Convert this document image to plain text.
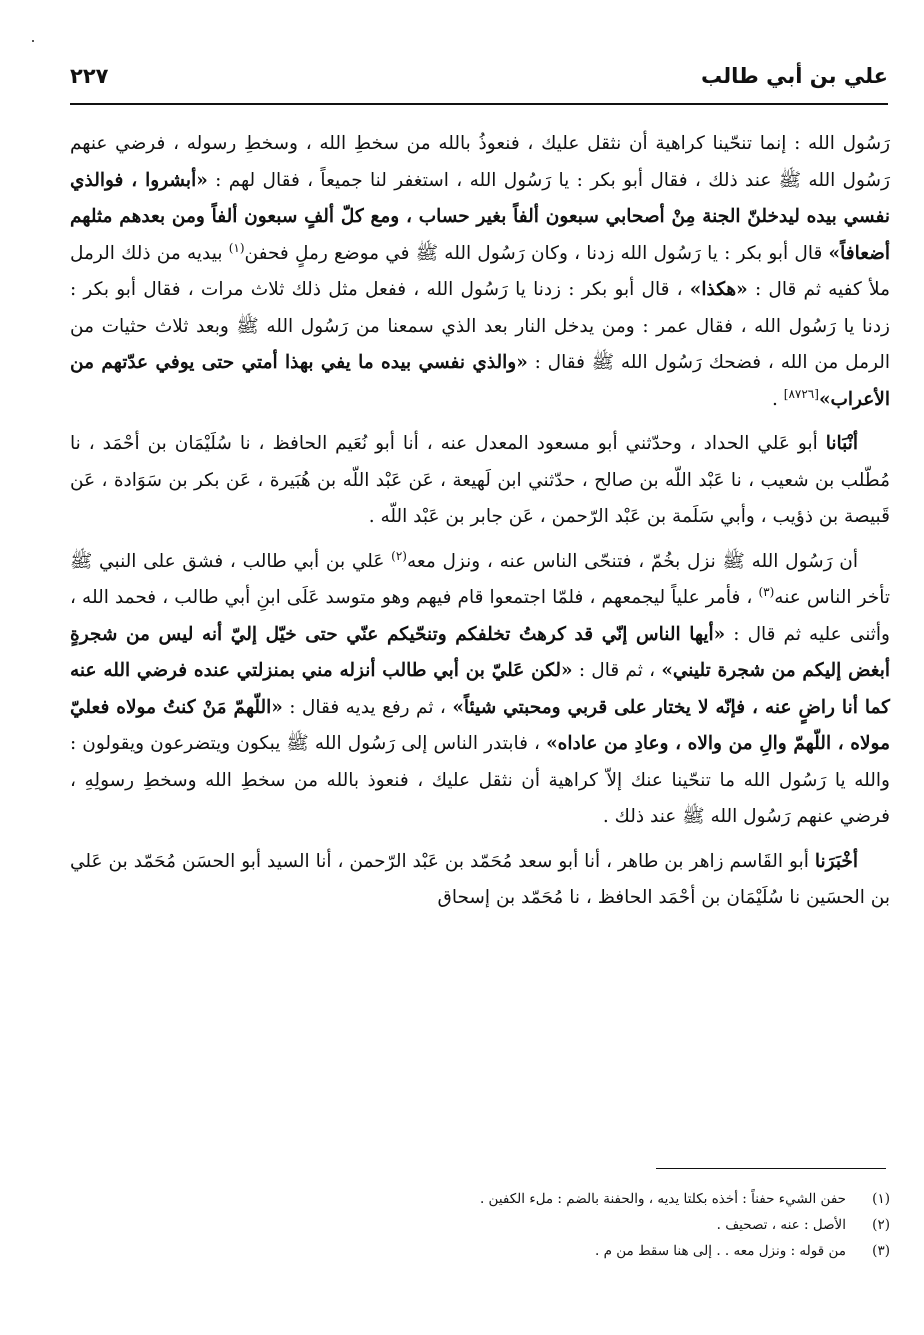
علي بن أبي طالب
٢٢٧

رَسُول الله : إنما تنحّينا كراهية أن نثقل عليك ، فنعوذُ بالله من سخطِ الله ، وسخطِ رسوله ، فرضي عنهم رَسُول الله ﷺ عند ذلك ، فقال أبو بكر : يا رَسُول الله ، استغفر لنا جميعاً ، فقال لهم : «أبشروا ، فوالذي نفسي بيده ليدخلنّ الجنة مِنْ أصحابي سبعون ألفاً بغير حساب ، ومع كلّ ألفٍ سبعون ألفاً ومن بعدهم مثلهم أضعافاً» قال أبو بكر : يا رَسُول الله زدنا ، وكان رَسُول الله ﷺ في موضع رملٍ فحفن$^{(١)}$ بيديه من ذلك الرمل ملأ كفيه ثم قال : «هكذا» ، قال أبو بكر : زدنا يا رَسُول الله ، ففعل مثل ذلك ثلاث مرات ، فقال أبو بكر : زدنا يا رَسُول الله ، فقال عمر : ومن يدخل النار بعد الذي سمعنا من رَسُول الله ﷺ وبعد ثلاث حثيات من الرمل من الله ، فضحك رَسُول الله ﷺ فقال : «والذي نفسي بيده ما يفي بهذا أمتي حتى يوفي عدّتهم من الأعراب»[٨٧٢٦] .

أنْبَانا أبو عَلي الحداد ، وحدّثني أبو مسعود المعدل عنه ، أنا أبو نُعَيم الحافظ ، نا سُلَيْمَان بن أحْمَد ، نا مُطّلب بن شعيب ، نا عَبْد اللّه بن صالح ، حدّثني ابن لَهيعة ، عَن عَبْد اللّه بن هُبَيرة ، عَن بكر بن سَوَادة ، عَن قَبيصة بن ذؤيب ، وأبي سَلَمة بن عَبْد الرّحمن ، عَن جابر بن عَبْد اللّه .

أن رَسُول الله ﷺ نزل بخُمّ ، فتنحّى الناس عنه ، ونزل معه$^{(٢)}$ عَلي بن أبي طالب ، فشق على النبي ﷺ تأخر الناس عنه$^{(٣)}$ ، فأمر علياً ليجمعهم ، فلمّا اجتمعوا قام فيهم وهو متوسد عَلَى ابنِ أبي طالب ، فحمد الله ، وأثنى عليه ثم قال : «أيها الناس إنّي قد كرهتُ تخلفكم وتنحّيكم عنّي حتى خيّل إليّ أنه ليس من شجرةٍ أبغض إليكم من شجرة تليني» ، ثم قال : «لكن عَليّ بن أبي طالب أنزله مني بمنزلتي عنده فرضي الله عنه كما أنا راضٍ عنه ، فإنّه لا يختار على قربي ومحبتي شيئاً» ، ثم رفع يديه فقال : «اللّهمّ مَنْ كنتُ مولاه فعليّ مولاه ، اللّهمّ والِ من والاه ، وعادِ من عاداه» ، فابتدر الناس إلى رَسُول الله ﷺ يبكون ويتضرعون ويقولون : والله يا رَسُول الله ما تنحّينا عنك إلاّ كراهية أن نثقل عليك ، فنعوذ بالله من سخطِ الله وسخطِ رسولِهِ ، فرضي عنهم رَسُول الله ﷺ عند ذلك .

أخْبَرَنا أبو القَاسم زاهر بن طاهر ، أنا أبو سعد مُحَمّد بن عَبْد الرّحمن ، أنا السيد أبو الحسَن مُحَمّد بن عَلي بن الحسَين نا سُلَيْمَان بن أحْمَد الحافظ ، نا مُحَمّد بن إسحاق

(١)
حفن الشيء حفناً : أخذه بكلتا يديه ، والحفنة بالضم : ملء الكفين .
(٢)
الأصل : عنه ، تصحيف .
(٣)
من قوله : ونزل معه . . إلى هنا سقط من م .
